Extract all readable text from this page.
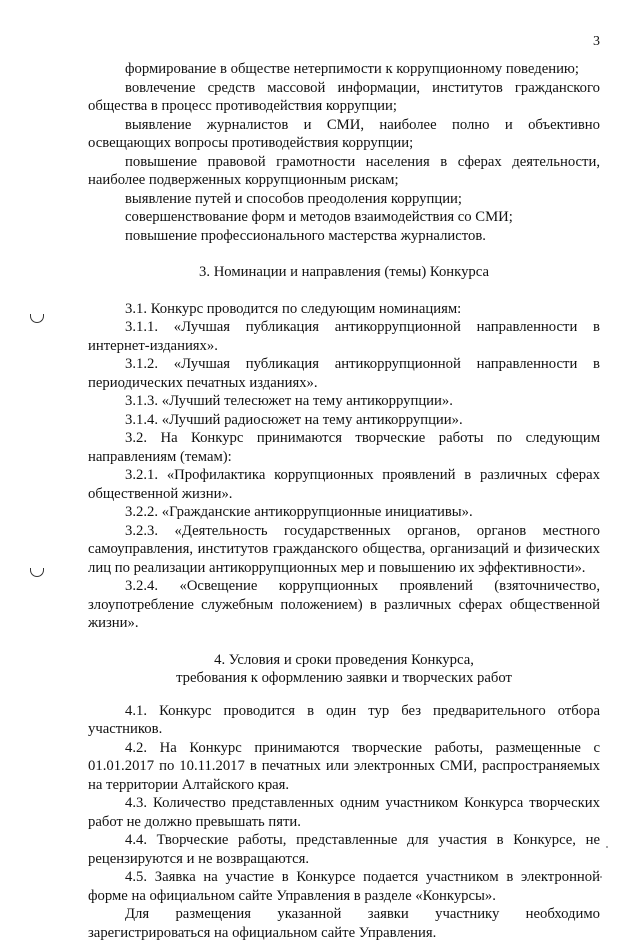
3

формирование в обществе нетерпимости к коррупционному поведению;

вовлечение средств массовой информации, институтов гражданского общества в процесс противодействия коррупции;

выявление журналистов и СМИ, наиболее полно и объективно освещающих вопросы противодействия коррупции;

повышение правовой грамотности населения в сферах деятельности, наиболее подверженных коррупционным рискам;

выявление путей и способов преодоления коррупции;

совершенствование форм и методов взаимодействия со СМИ;

повышение профессионального мастерства журналистов.

3. Номинации и направления (темы) Конкурса

3.1. Конкурс проводится по следующим номинациям:

3.1.1. «Лучшая публикация антикоррупционной направленности в интернет-изданиях».

3.1.2. «Лучшая публикация антикоррупционной направленности в периодических печатных изданиях».

3.1.3. «Лучший телесюжет на тему антикоррупции».

3.1.4. «Лучший радиосюжет на тему антикоррупции».

3.2. На Конкурс принимаются творческие работы по следующим направлениям (темам):

3.2.1. «Профилактика коррупционных проявлений в различных сферах общественной жизни».

3.2.2. «Гражданские антикоррупционные инициативы».

3.2.3. «Деятельность государственных органов, органов местного самоуправления, институтов гражданского общества, организаций и физических лиц по реализации антикоррупционных мер и повышению их эффективности».

3.2.4. «Освещение коррупционных проявлений (взяточничество, злоупотребление служебным положением) в различных сферах общественной жизни».

4. Условия и сроки проведения Конкурса,
требования к оформлению заявки и творческих работ

4.1. Конкурс проводится в один тур без предварительного отбора участников.

4.2. На Конкурс принимаются творческие работы, размещенные с 01.01.2017 по 10.11.2017 в печатных или электронных СМИ, распространяемых на территории Алтайского края.

4.3. Количество представленных одним участником Конкурса творческих работ не должно превышать пяти.

4.4. Творческие работы, представленные для участия в Конкурсе, не рецензируются и не возвращаются.

4.5. Заявка на участие в Конкурсе подается участником в электронной форме на официальном сайте Управления в разделе «Конкурсы».

Для размещения указанной заявки участнику необходимо зарегистрироваться на официальном сайте Управления.
